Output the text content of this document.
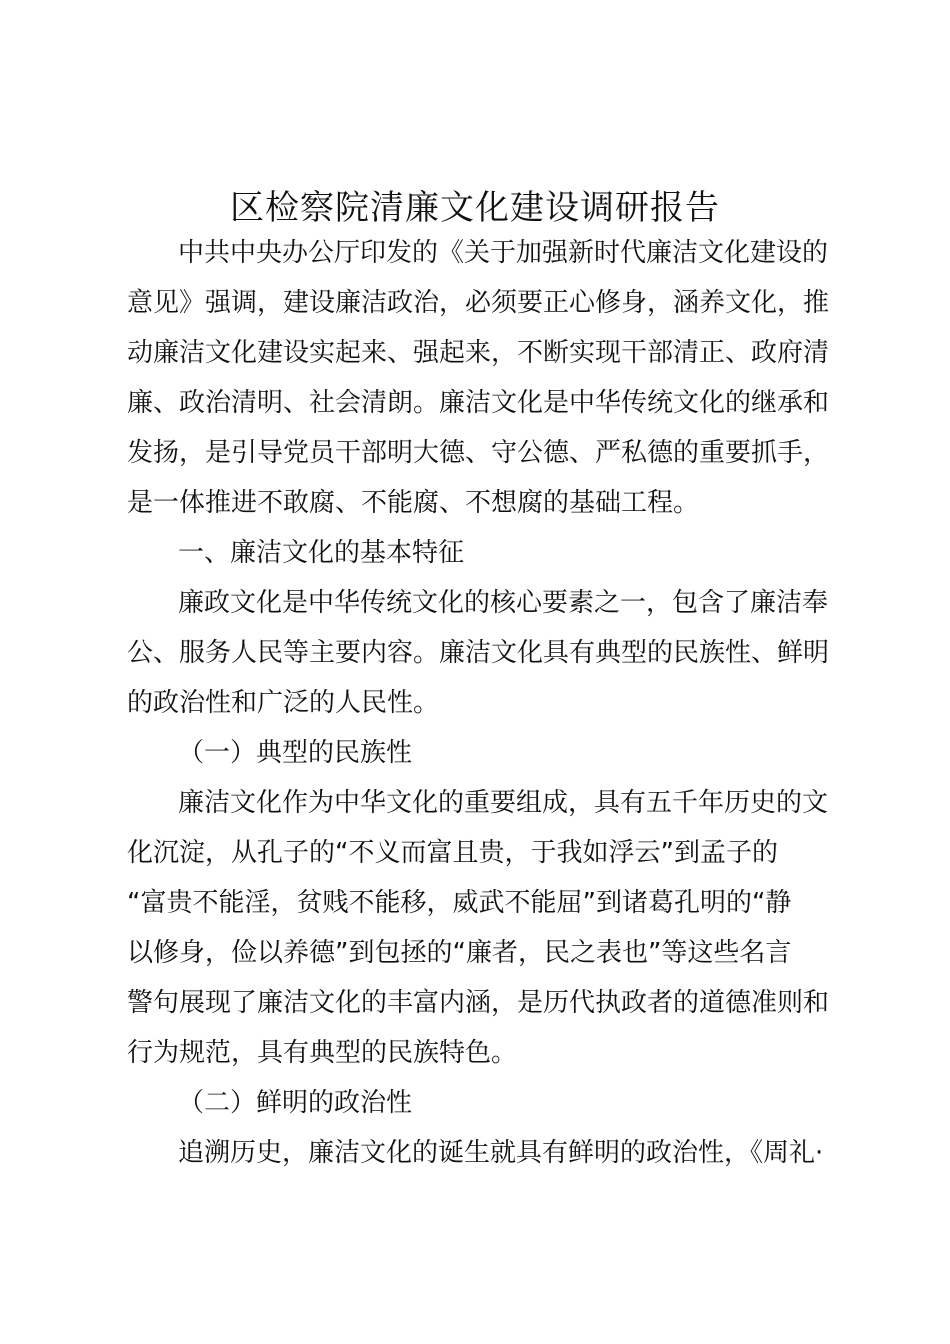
区检察院清廉文化建设调研报告

中共中央办公厅印发的《关于加强新时代廉洁文化建设的

意见》强调，建设廉洁政治，必须要正心修身，涵养文化，推

动廉洁文化建设实起来、强起来，不断实现干部清正、政府清

廉、政治清明、社会清朗。廉洁文化是中华传统文化的继承和

发扬，是引导党员干部明大德、守公德、严私德的重要抓手，

是一体推进不敢腐、不能腐、不想腐的基础工程。

一、廉洁文化的基本特征

廉政文化是中华传统文化的核心要素之一，包含了廉洁奉

公、服务人民等主要内容。廉洁文化具有典型的民族性、鲜明

的政治性和广泛的人民性。

（一）典型的民族性

廉洁文化作为中华文化的重要组成，具有五千年历史的文

化沉淀，从孔子的“不义而富且贵，于我如浮云”到孟子的

“富贵不能淫，贫贱不能移，威武不能屈”到诸葛孔明的“静

以修身，俭以养德”到包拯的“廉者，民之表也”等这些名言

警句展现了廉洁文化的丰富内涵，是历代执政者的道德准则和

行为规范，具有典型的民族特色。

（二）鲜明的政治性

追溯历史，廉洁文化的诞生就具有鲜明的政治性，《周礼·
